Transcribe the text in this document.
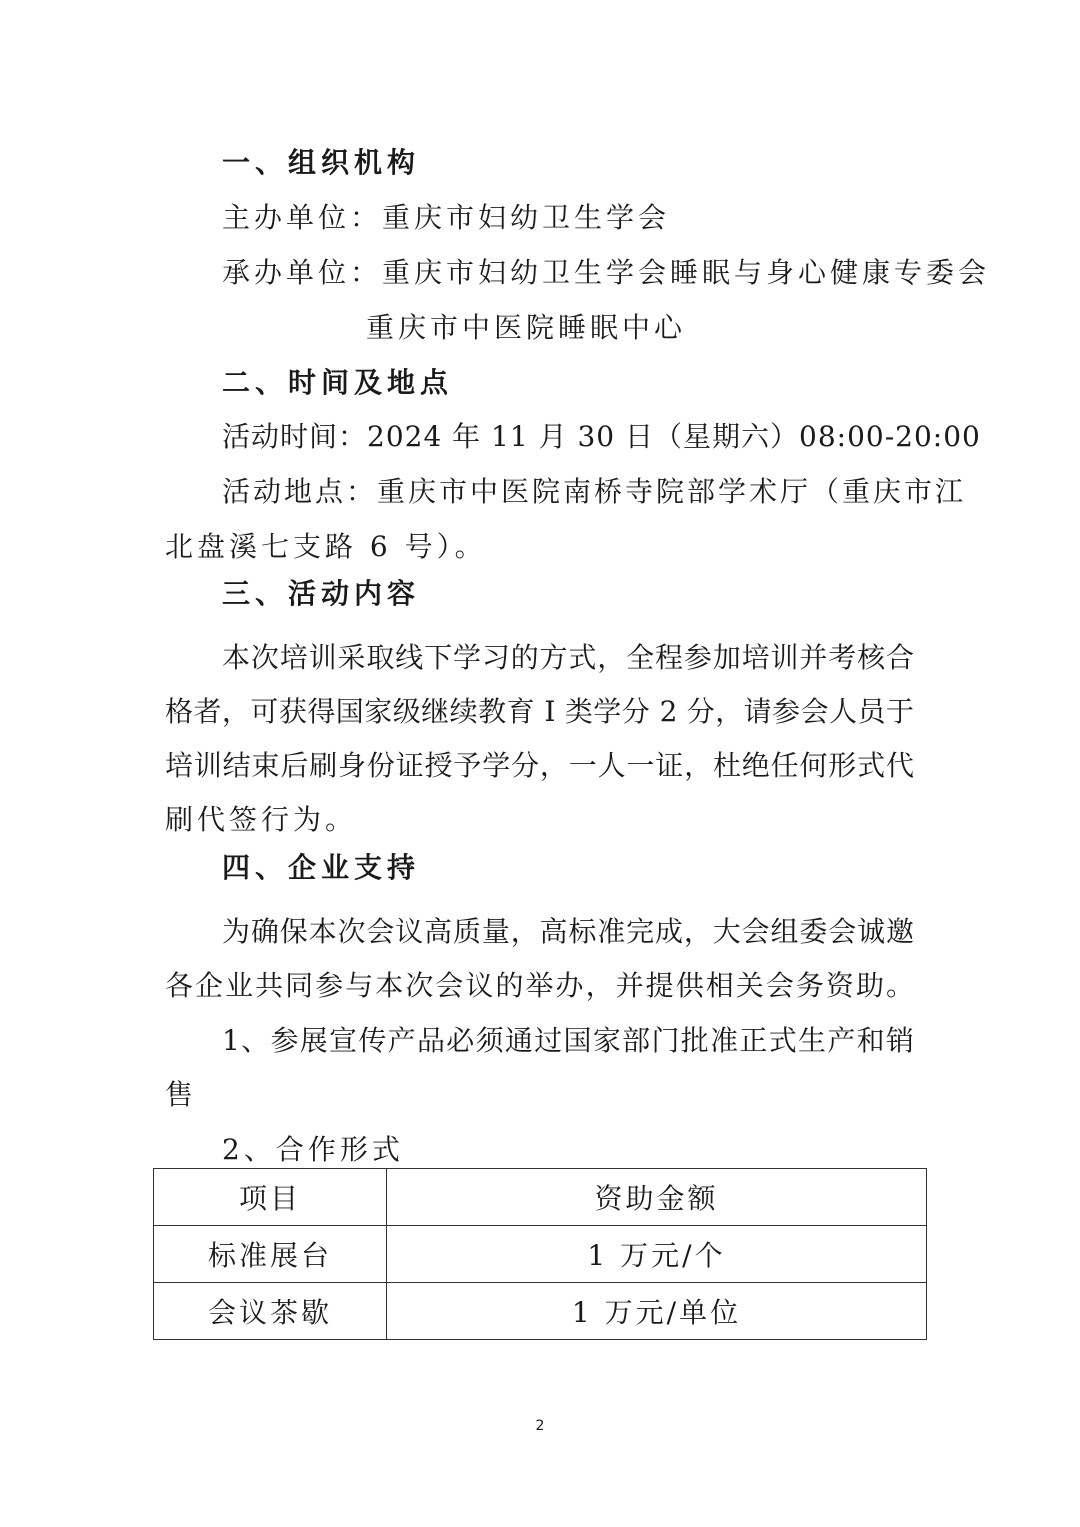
一、组织机构
主办单位：重庆市妇幼卫生学会
承办单位：重庆市妇幼卫生学会睡眠与身心健康专委会
重庆市中医院睡眠中心
二、时间及地点
活动时间：2024 年 11 月 30 日（星期六）08:00-20:00
活动地点：重庆市中医院南桥寺院部学术厅（重庆市江
北盘溪七支路 6 号）。
三、活动内容
本次培训采取线下学习的方式，全程参加培训并考核合
格者，可获得国家级继续教育 I 类学分 2 分，请参会人员于
培训结束后刷身份证授予学分，一人一证，杜绝任何形式代
刷代签行为。
四、企业支持
为确保本次会议高质量，高标准完成，大会组委会诚邀
各企业共同参与本次会议的举办，并提供相关会务资助。
1、参展宣传产品必须通过国家部门批准正式生产和销
售
2、合作形式
项目	资助金额
标准展台	1 万元/个
会议茶歇	1 万元/单位
2
